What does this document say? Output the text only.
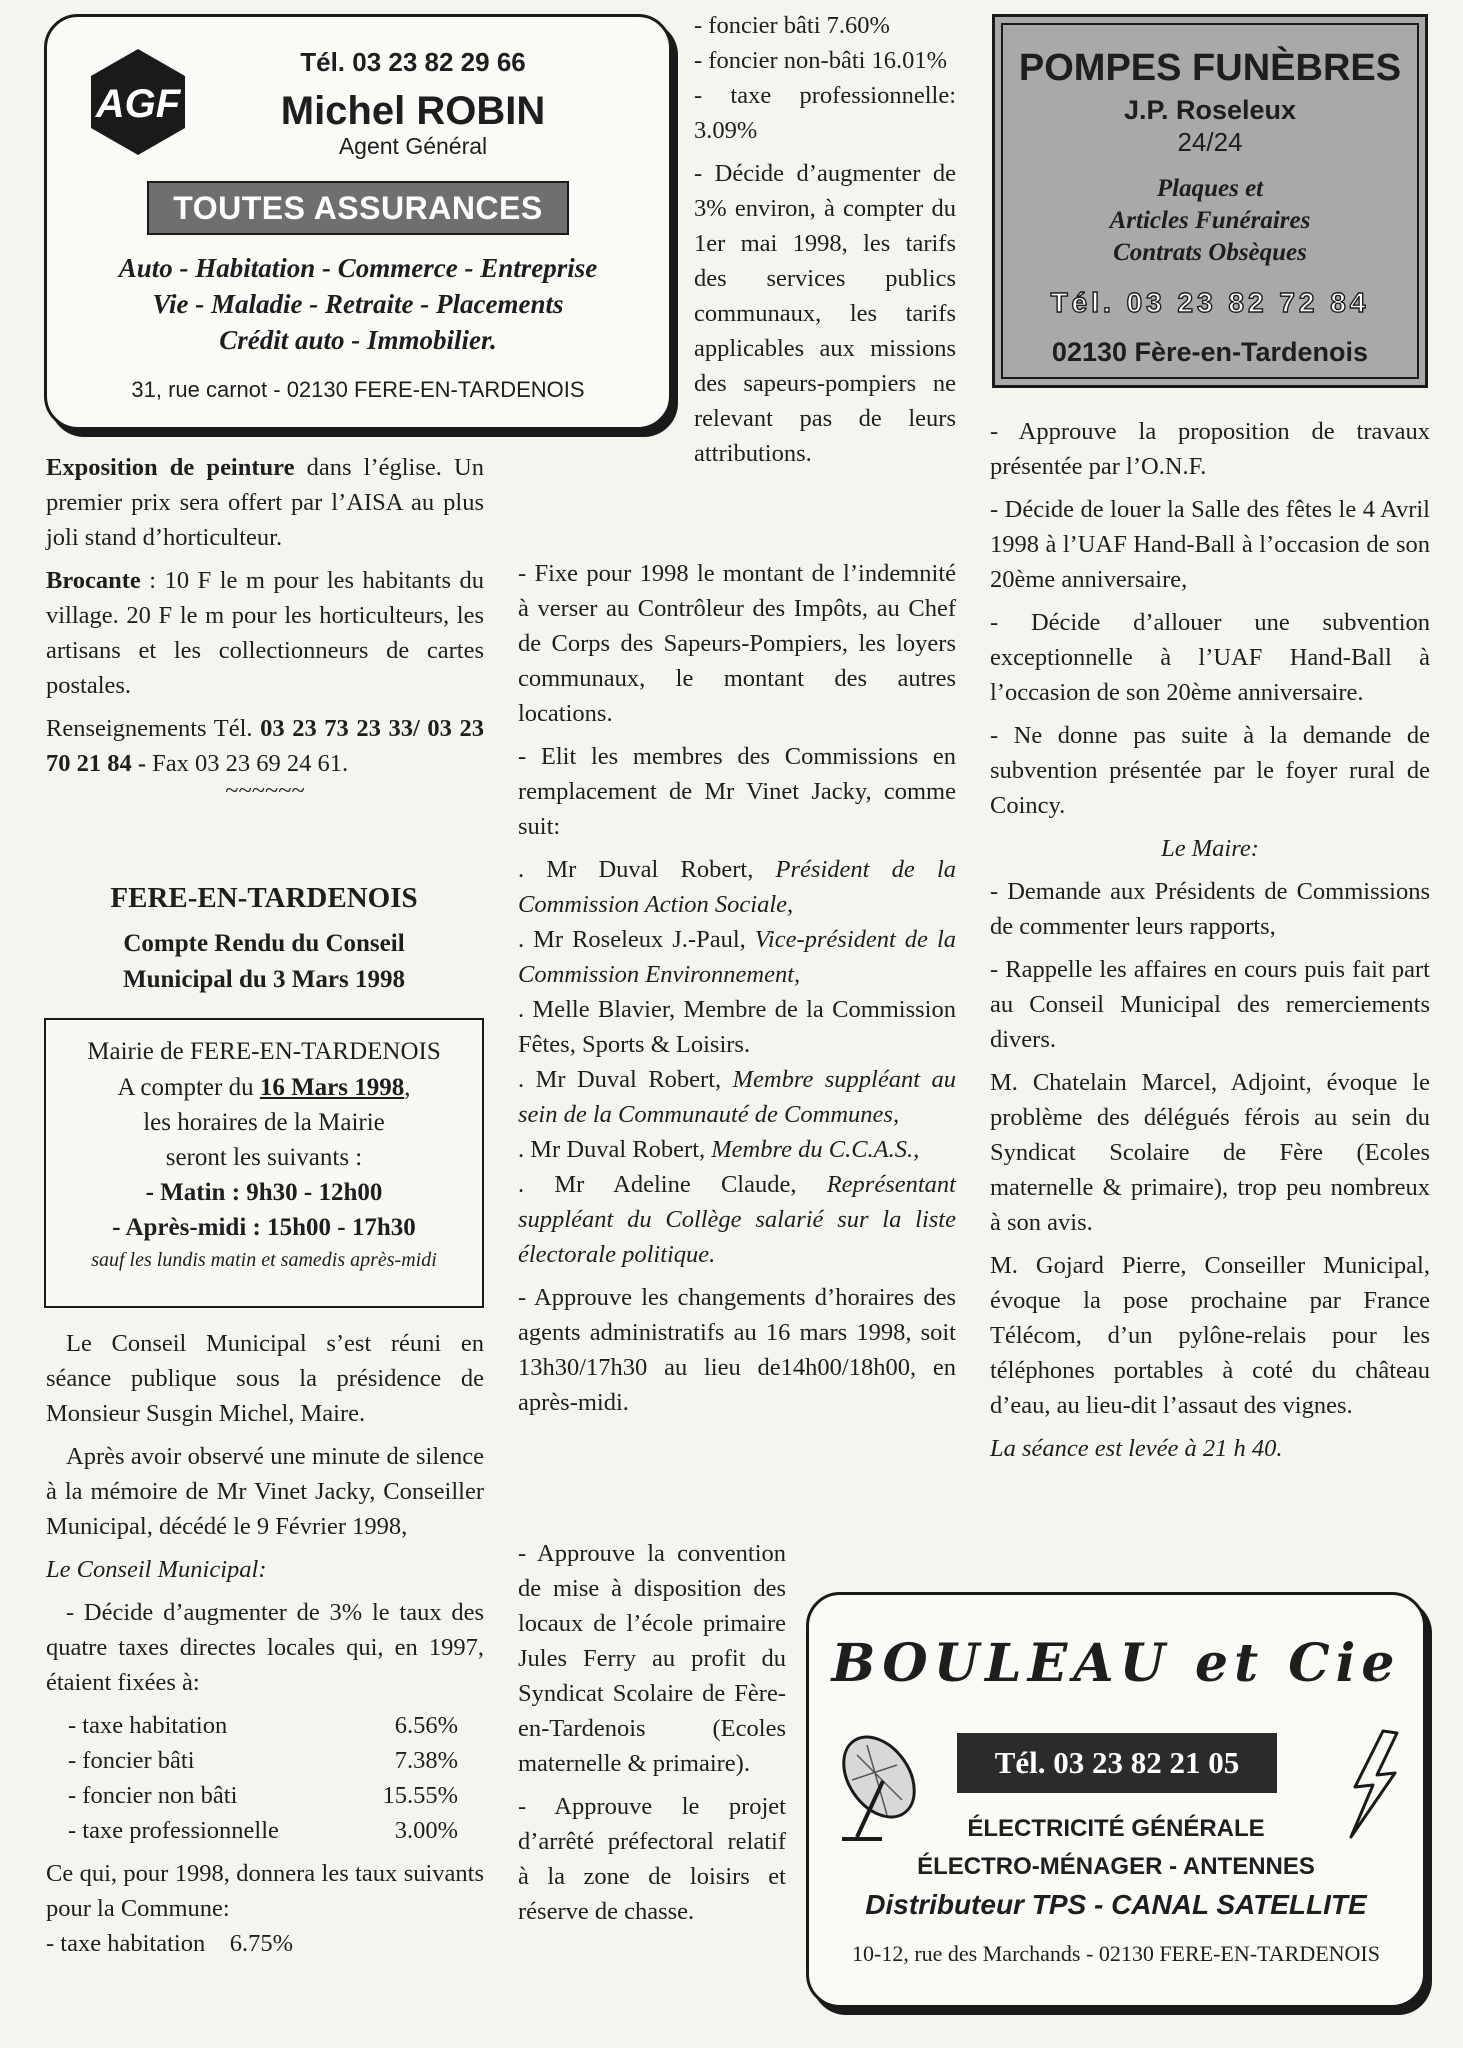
AGF
Tél. 03 23 82 29 66
Michel ROBIN
Agent Général
TOUTES ASSURANCES
Auto - Habitation - Commerce - Entreprise
Vie - Maladie - Retraite - Placements
Crédit auto - Immobilier.
31, rue carnot - 02130 FERE-EN-TARDENOIS
POMPES FUNÈBRES
J.P. Roseleux
24/24
Plaques et
Articles Funéraires
Contrats Obsèques
Tél. 03 23 82 72 84
02130 Fère-en-Tardenois

Exposition de peinture dans l’église. Un premier prix sera offert par l’AISA au plus joli stand d’horticulteur.

Brocante : 10 F le m pour les habitants du village. 20 F le m pour les horticulteurs, les artisans et les collectionneurs de cartes postales.

Renseignements Tél. 03 23 73 23 33/ 03 23 70 21 84 - Fax 03 23 69 24 61.

~~~~~~
FERE-EN-TARDENOIS
Compte Rendu du Conseil Municipal du 3 Mars 1998
Mairie de FERE-EN-TARDENOIS
A compter du 16 Mars 1998,
les horaires de la Mairie
seront les suivants :
- Matin : 9h30 - 12h00
- Après-midi : 15h00 - 17h30
sauf les lundis matin et samedis après-midi

Le Conseil Municipal s’est réuni en séance publique sous la présidence de Monsieur Susgin Michel, Maire.

Après avoir observé une minute de silence à la mémoire de Mr Vinet Jacky, Conseiller Municipal, décédé le 9 Février 1998,

Le Conseil Municipal:

- Décide d’augmenter de 3% le taux des quatre taxes directes locales qui, en 1997, étaient fixées à:

- taxe habitation	6.56%
- foncier bâti	7.38%
- foncier non bâti	15.55%
- taxe professionnelle	3.00%

Ce qui, pour 1998, donnera les taux suivants pour la Commune:

- taxe habitation    6.75%

- foncier bâti 7.60%

- foncier non-bâti 16.01%

- taxe professionnelle: 3.09%

- Décide d’augmenter de 3% environ, à compter du 1er mai 1998, les tarifs des services publics communaux, les tarifs applicables aux missions des sapeurs-pompiers ne relevant pas de leurs attributions.

- Fixe pour 1998 le montant de l’indemnité à verser au Contrôleur des Impôts, au Chef de Corps des Sapeurs-Pompiers, les loyers communaux, le montant des autres locations.

- Elit les membres des Commissions en remplacement de Mr Vinet Jacky, comme suit:

. Mr Duval Robert, Président de la Commission Action Sociale,

. Mr Roseleux J.-Paul, Vice-président de la Commission Environnement,

. Melle Blavier, Membre de la Commission Fêtes, Sports & Loisirs.

. Mr Duval Robert, Membre suppléant au sein de la Communauté de Communes,

. Mr Duval Robert, Membre du C.C.A.S.,

. Mr Adeline Claude, Représentant suppléant du Collège salarié sur la liste électorale politique.

- Approuve les changements d’horaires des agents administratifs au 16 mars 1998, soit 13h30/17h30 au lieu de14h00/18h00, en après-midi.

- Approuve la convention de mise à disposition des locaux de l’école primaire Jules Ferry au profit du Syndicat Scolaire de Fère-en-Tardenois (Ecoles maternelle & primaire).

- Approuve le projet d’arrêté préfectoral relatif à la zone de loisirs et réserve de chasse.

- Approuve la proposition de travaux présentée par l’O.N.F.

- Décide de louer la Salle des fêtes le 4 Avril 1998 à l’UAF Hand-Ball à l’occasion de son 20ème anniversaire,

- Décide d’allouer une subvention exceptionnelle à l’UAF Hand-Ball à l’occasion de son 20ème anniversaire.

- Ne donne pas suite à la demande de subvention présentée par le foyer rural de Coincy.

Le Maire:

- Demande aux Présidents de Commissions de commenter leurs rapports,

- Rappelle les affaires en cours puis fait part au Conseil Municipal des remerciements divers.

M. Chatelain Marcel, Adjoint, évoque le problème des délégués férois au sein du Syndicat Scolaire de Fère (Ecoles maternelle & primaire), trop peu nombreux à son avis.

M. Gojard Pierre, Conseiller Municipal, évoque la pose prochaine par France Télécom, d’un pylône-relais pour les téléphones portables à coté du château d’eau, au lieu-dit l’assaut des vignes.

La séance est levée à 21 h 40.

BOULEAU et Cie
Tél. 03 23 82 21 05
ÉLECTRICITÉ GÉNÉRALE
ÉLECTRO-MÉNAGER - ANTENNES
Distributeur TPS - CANAL SATELLITE
10-12, rue des Marchands - 02130 FERE-EN-TARDENOIS
